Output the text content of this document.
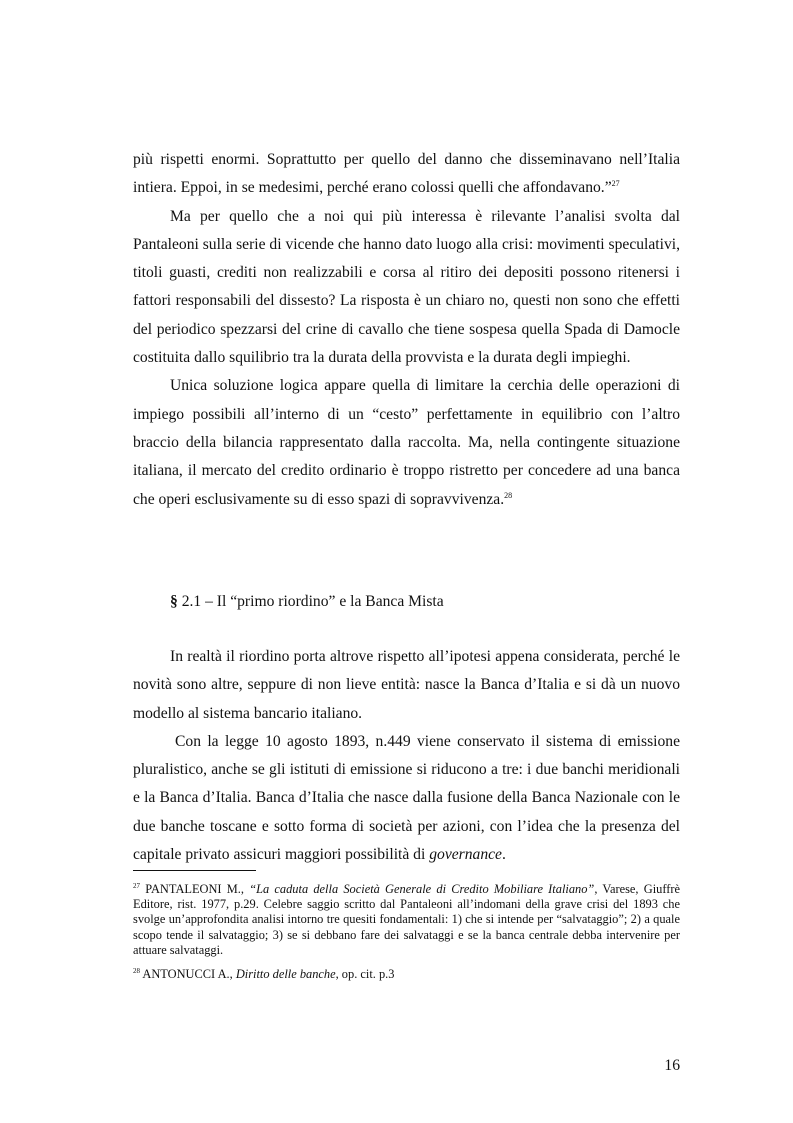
più rispetti enormi. Soprattutto per quello del danno che disseminavano nell’Italia intiera. Eppoi, in se medesimi, perché erano colossi quelli che affondavano.”$^{27}$

Ma per quello che a noi qui più interessa è rilevante l’analisi svolta dal Pantaleoni sulla serie di vicende che hanno dato luogo alla crisi: movimenti speculativi, titoli guasti, crediti non realizzabili e corsa al ritiro dei depositi possono ritenersi i fattori responsabili del dissesto? La risposta è un chiaro no, questi non sono che effetti del periodico spezzarsi del crine di cavallo che tiene sospesa quella Spada di Damocle costituita dallo squilibrio tra la durata della provvista e la durata degli impieghi.

Unica soluzione logica appare quella di limitare la cerchia delle operazioni di impiego possibili all’interno di un “cesto” perfettamente in equilibrio con l’altro braccio della bilancia rappresentato dalla raccolta. Ma, nella contingente situazione italiana, il mercato del credito ordinario è troppo ristretto per concedere ad una banca che operi esclusivamente su di esso spazi di sopravvivenza.$^{28}$

§ 2.1 – Il “primo riordino” e la Banca Mista

In realtà il riordino porta altrove rispetto all’ipotesi appena considerata, perché le novità sono altre, seppure di non lieve entità: nasce la Banca d’Italia e si dà un nuovo modello al sistema bancario italiano.

Con la legge 10 agosto 1893, n.449 viene conservato il sistema di emissione pluralistico, anche se gli istituti di emissione si riducono a tre: i due banchi meridionali e la Banca d’Italia. Banca d’Italia che nasce dalla fusione della Banca Nazionale con le due banche toscane e sotto forma di società per azioni, con l’idea che la presenza del capitale privato assicuri maggiori possibilità di governance.

$^{27}$ PANTALEONI M., “La caduta della Società Generale di Credito Mobiliare Italiano”, Varese, Giuffrè Editore, rist. 1977, p.29. Celebre saggio scritto dal Pantaleoni all’indomani della grave crisi del 1893 che svolge un’approfondita analisi intorno tre quesiti fondamentali: 1) che si intende per “salvataggio”; 2) a quale scopo tende il salvataggio; 3) se si debbano fare dei salvataggi e se la banca centrale debba intervenire per attuare salvataggi.

$^{28}$ ANTONUCCI A., Diritto delle banche, op. cit. p.3

16
